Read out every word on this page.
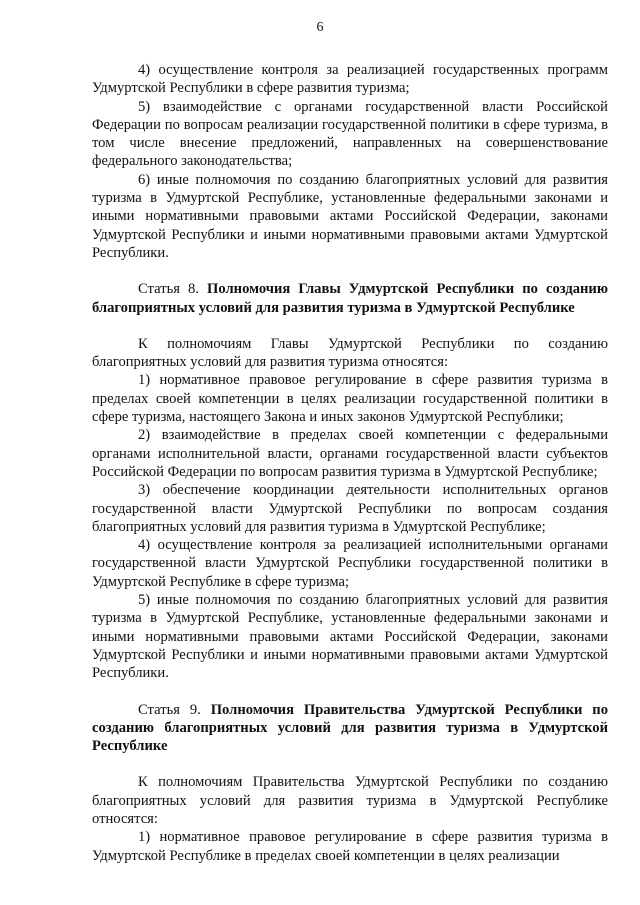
6

4) осуществление контроля за реализацией государственных программ Удмуртской Республики в сфере развития туризма;

5) взаимодействие с органами государственной власти Российской Федерации по вопросам реализации государственной политики в сфере туризма, в том числе внесение предложений, направленных на совершенствование федерального законодательства;

6) иные полномочия по созданию благоприятных условий для развития туризма в Удмуртской Республике, установленные федеральными законами и иными нормативными правовыми актами Российской Федерации, законами Удмуртской Республики и иными нормативными правовыми актами Удмуртской Республики.

Статья 8. Полномочия Главы Удмуртской Республики по созданию благоприятных условий для развития туризма в Удмуртской Республике

К полномочиям Главы Удмуртской Республики по созданию благоприятных условий для развития туризма относятся:

1) нормативное правовое регулирование в сфере развития туризма в пределах своей компетенции в целях реализации государственной политики в сфере туризма, настоящего Закона и иных законов Удмуртской Республики;

2) взаимодействие в пределах своей компетенции с федеральными органами исполнительной власти, органами государственной власти субъектов Российской Федерации по вопросам развития туризма в Удмуртской Республике;

3) обеспечение координации деятельности исполнительных органов государственной власти Удмуртской Республики по вопросам создания благоприятных условий для развития туризма в Удмуртской Республике;

4) осуществление контроля за реализацией исполнительными органами государственной власти Удмуртской Республики государственной политики в Удмуртской Республике в сфере туризма;

5) иные полномочия по созданию благоприятных условий для развития туризма в Удмуртской Республике, установленные федеральными законами и иными нормативными правовыми актами Российской Федерации, законами Удмуртской Республики и иными нормативными правовыми актами Удмуртской Республики.

Статья 9. Полномочия Правительства Удмуртской Республики по созданию благоприятных условий для развития туризма в Удмуртской Республике

К полномочиям Правительства Удмуртской Республики по созданию благоприятных условий для развития туризма в Удмуртской Республике относятся:

1) нормативное правовое регулирование в сфере развития туризма в Удмуртской Республике в пределах своей компетенции в целях реализации
